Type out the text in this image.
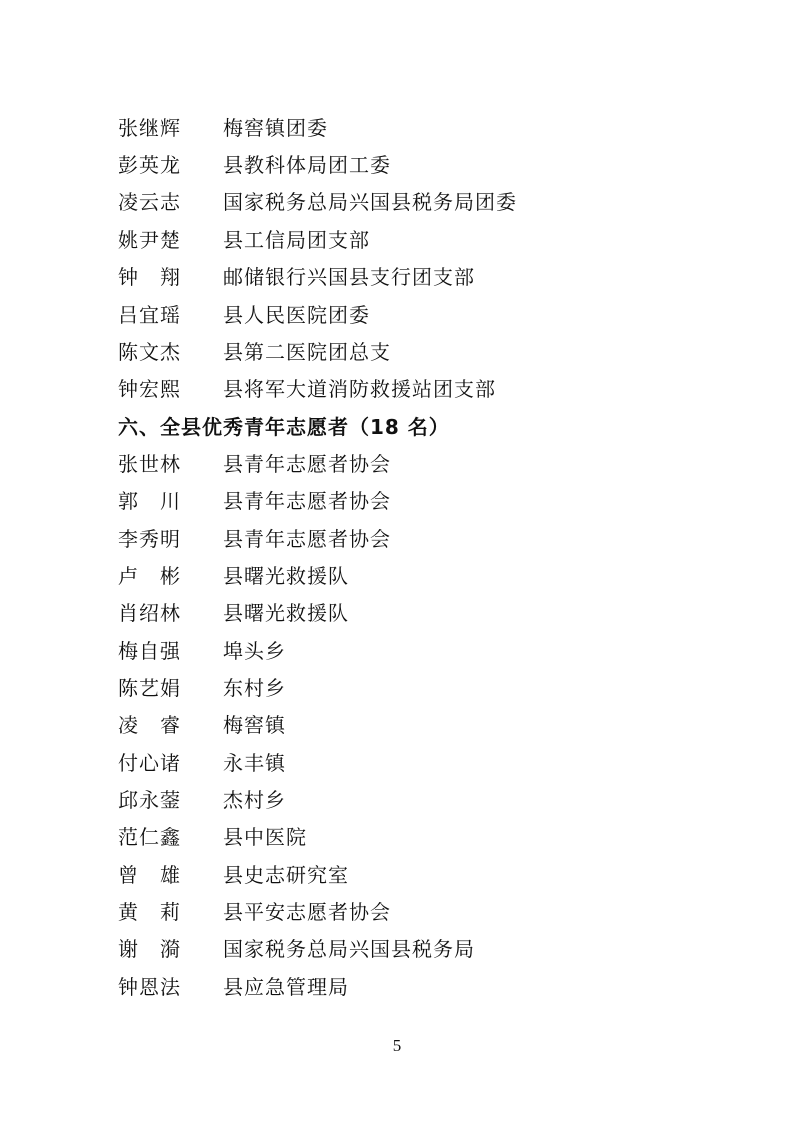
张继辉	梅窖镇团委
彭英龙	县教科体局团工委
凌云志	国家税务总局兴国县税务局团委
姚尹楚	县工信局团支部
钟　翔	邮储银行兴国县支行团支部
吕宜瑶	县人民医院团委
陈文杰	县第二医院团总支
钟宏熙	县将军大道消防救援站团支部
六、全县优秀青年志愿者（18 名）
张世林	县青年志愿者协会
郭　川	县青年志愿者协会
李秀明	县青年志愿者协会
卢　彬	县曙光救援队
肖绍林	县曙光救援队
梅自强	埠头乡
陈艺娟	东村乡
凌　睿	梅窖镇
付心诸	永丰镇
邱永蓥	杰村乡
范仁鑫	县中医院
曾　雄	县史志研究室
黄　莉	县平安志愿者协会
谢　漪	国家税务总局兴国县税务局
钟恩法	县应急管理局
5
